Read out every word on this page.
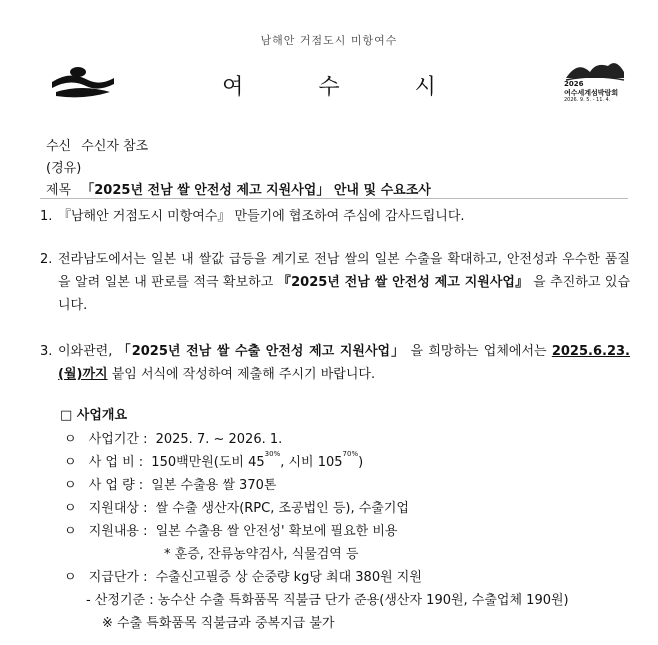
남해안 거점도시 미항여수
여	수	시	2026
여수세계섬박람회
2026. 9. 5. - 11. 4.
수신 수신자 참조
(경유)
제목 「2025년 전남 쌀 안전성 제고 지원사업」 안내 및 수요조사
1. 『남해안 거점도시 미항여수』 만들기에 협조하여 주심에 감사드립니다.
2. 전라남도에서는 일본 내 쌀값 급등을 계기로 전남 쌀의 일본 수출을 확대하고, 안전성과 우수한 품질을 알려 일본 내 판로를 적극 확보하고 『2025년 전남 쌀 안전성 제고 지원사업』 을 추진하고 있습니다.
3. 이와관련, 「2025년 전남 쌀 수출 안전성 제고 지원사업」 을 희망하는 업체에서는 2025.6.23.(월)까지 붙임 서식에 작성하여 제출해 주시기 바랍니다.
□ 사업개요
ㅇ 사업기간 : 2025. 7. ~ 2026. 1.
ㅇ 사 업 비 : 150백만원(도비 $45^{30\%}$, 시비 $105^{70\%}$)
ㅇ 사 업 량 : 일본 수출용 쌀 370톤
ㅇ 지원대상 : 쌀 수출 생산자(RPC, 조공법인 등), 수출기업
ㅇ 지원내용 : 일본 수출용 쌀 안전성' 확보에 필요한 비용
* 훈증, 잔류농약검사, 식물검역 등
ㅇ 지급단가 : 수출신고필증 상 순중량 kg당 최대 380원 지원
- 산정기준 : 농수산 수출 특화품목 직불금 단가 준용(생산자 190원, 수출업체 190원)
※ 수출 특화품목 직불금과 중복지급 불가
